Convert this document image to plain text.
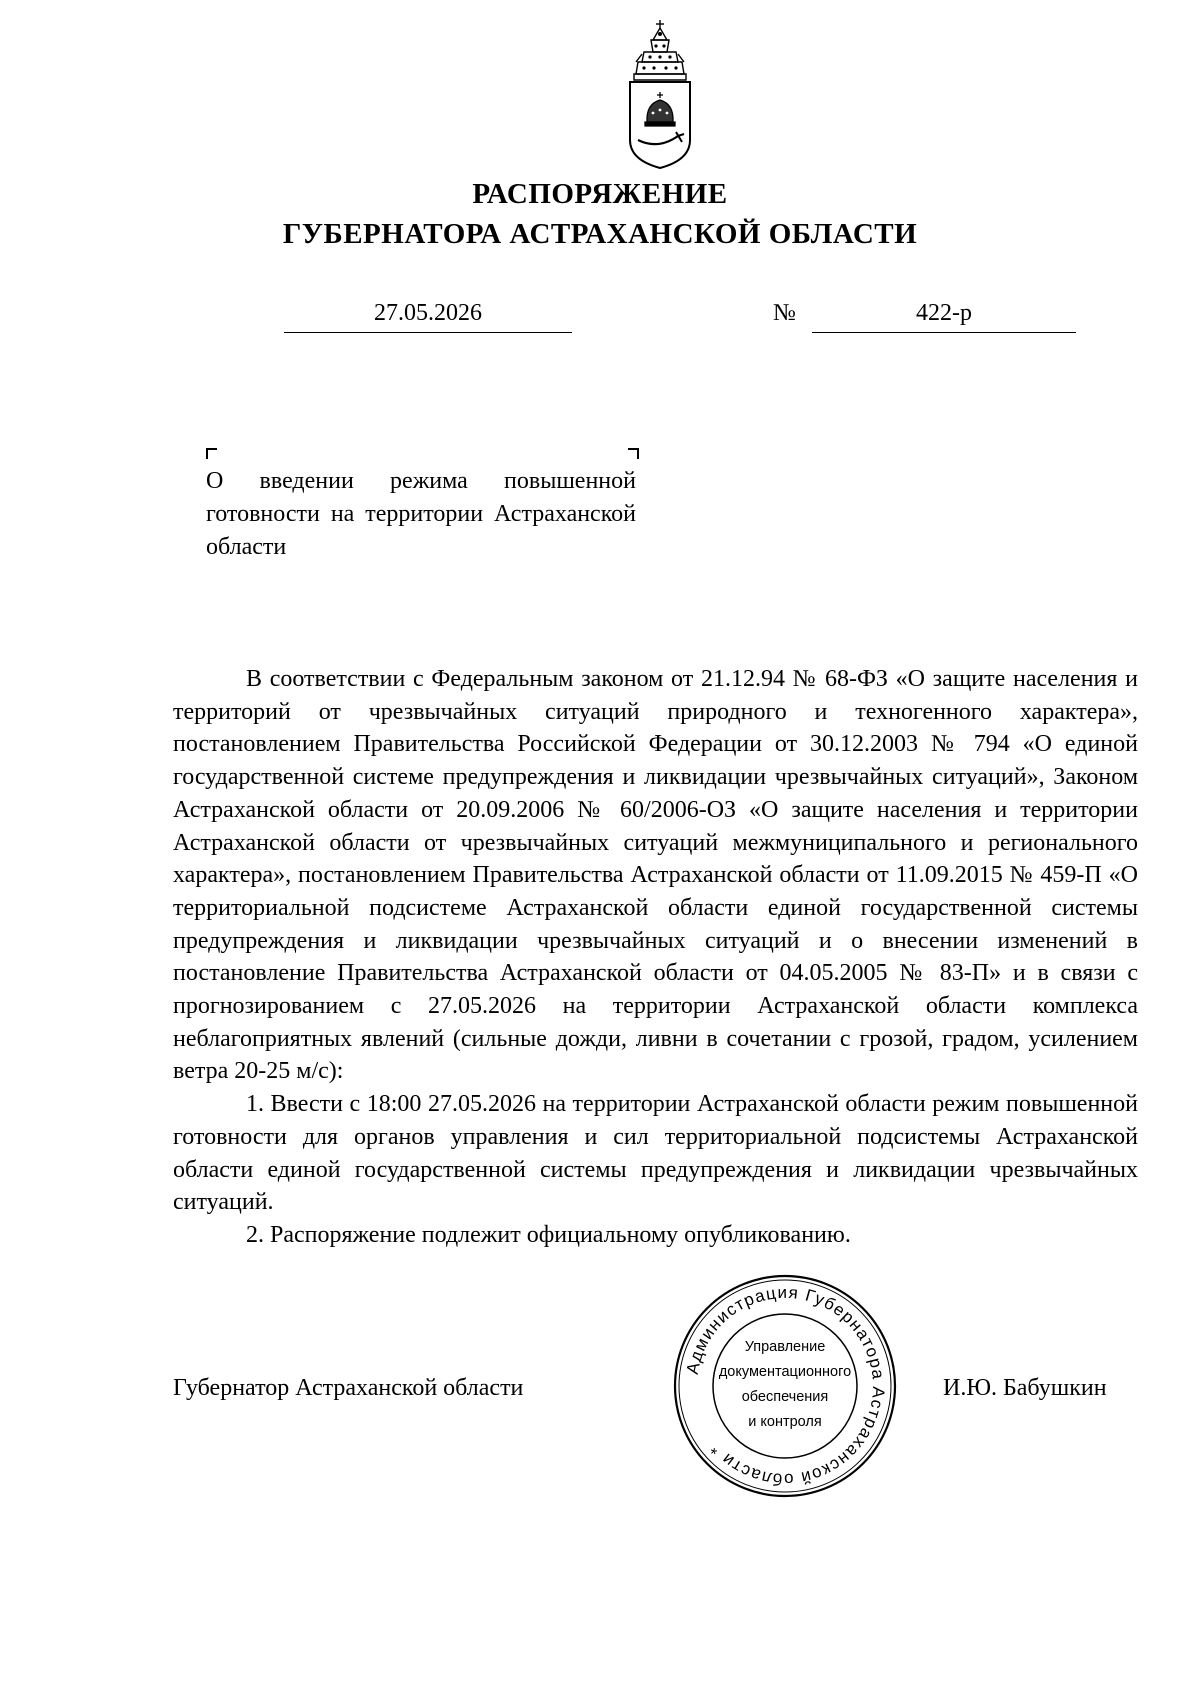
РАСПОРЯЖЕНИЕ
ГУБЕРНАТОРА АСТРАХАНСКОЙ ОБЛАСТИ
27.05.2026	№	422-р
О введении режима повышенной готовности на территории Астраханской области

В соответствии с Федеральным законом от 21.12.94 № 68-ФЗ «О защите населения и территорий от чрезвычайных ситуаций природного и техногенного характера», постановлением Правительства Российской Федерации от 30.12.2003 № 794 «О единой государственной системе предупреждения и ликвидации чрезвычайных ситуаций», Законом Астраханской области от 20.09.2006 № 60/2006-ОЗ «О защите населения и территории Астраханской области от чрезвычайных ситуаций межмуниципального и регионального характера», постановлением Правительства Астраханской области от 11.09.2015 № 459-П «О территориальной подсистеме Астраханской области единой государственной системы предупреждения и ликвидации чрезвычайных ситуаций и о внесении изменений в постановление Правительства Астраханской области от 04.05.2005 № 83-П» и в связи с прогнозированием с 27.05.2026 на территории Астраханской области комплекса неблагоприятных явлений (сильные дожди, ливни в сочетании с грозой, градом, усилением ветра 20-25 м/с):

1. Ввести с 18:00 27.05.2026 на территории Астраханской области режим повышенной готовности для органов управления и сил территориальной подсистемы Астраханской области единой государственной системы предупреждения и ликвидации чрезвычайных ситуаций.

2. Распоряжение подлежит официальному опубликованию.

Губернатор Астраханской области	И.Ю. Бабушкин
Администрация Губернатора Астраханской области *
Управление
документационного
обеспечения
и контроля
